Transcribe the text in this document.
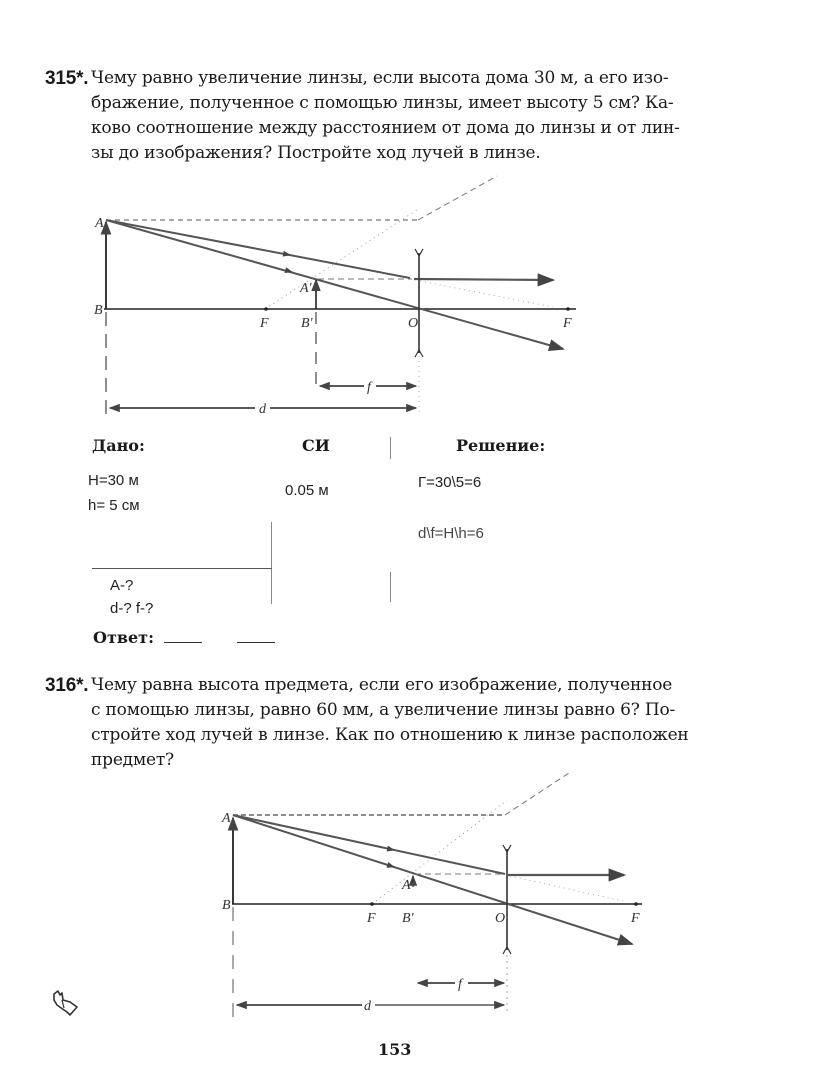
315*. Чему равно увеличение линзы, если высота дома 30 м, а его изо-
бражение, полученное с помощью линзы, имеет высоту 5 см? Ка-
ково соотношение между расстоянием от дома до линзы и от лин-
зы до изображения? Постройте ход лучей в линзе.
A
B
F
A'
B'	O	F
f
d
Дано:	СИ	Решение:
H=30 м
h= 5 см
0.05 м	Г=30\5=6
d\f=H\h=6
A-?
d-? f-?
Ответ:
316*. Чему равна высота предмета, если его изображение, полученное
с помощью линзы, равно 60 мм, а увеличение линзы равно 6? По-
стройте ход лучей в линзе. Как по отношению к линзе расположен
предмет?
A
B
F
A'
B'	O	F
f
d
153
